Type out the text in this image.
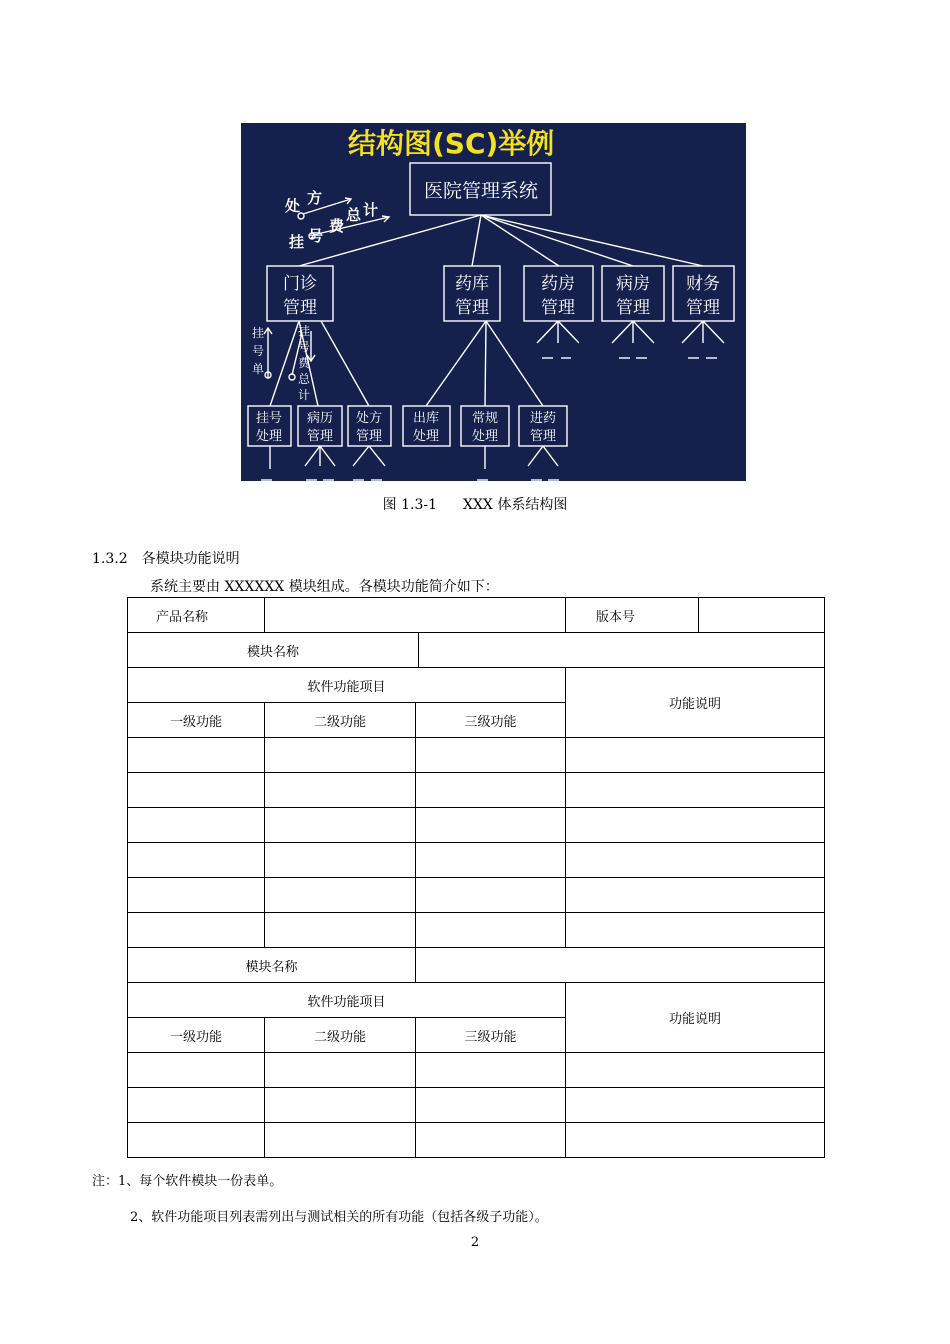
结构图(SC)举例
医院管理系统
门诊
管理
药库
管理
药房
管理
病房
管理
财务
管理
挂号
处理
病历
管理
处方
管理
出库
处理
常规
处理
进药
管理
处 方
费
总 计
挂 号
挂号单
挂号费总计
图 1.3-1 XXX 体系结构图
1.3.2 各模块功能说明
系统主要由 XXXXXX 模块组成。各模块功能简介如下：
产品名称			版本号

模块名称			

软件功能项目			功能说明
一级功能	二级功能	三级功能	

模块名称			

软件功能项目			功能说明
一级功能	二级功能	三级功能	

注：1、每个软件模块一份表单。
2、软件功能项目列表需列出与测试相关的所有功能（包括各级子功能）。
2
